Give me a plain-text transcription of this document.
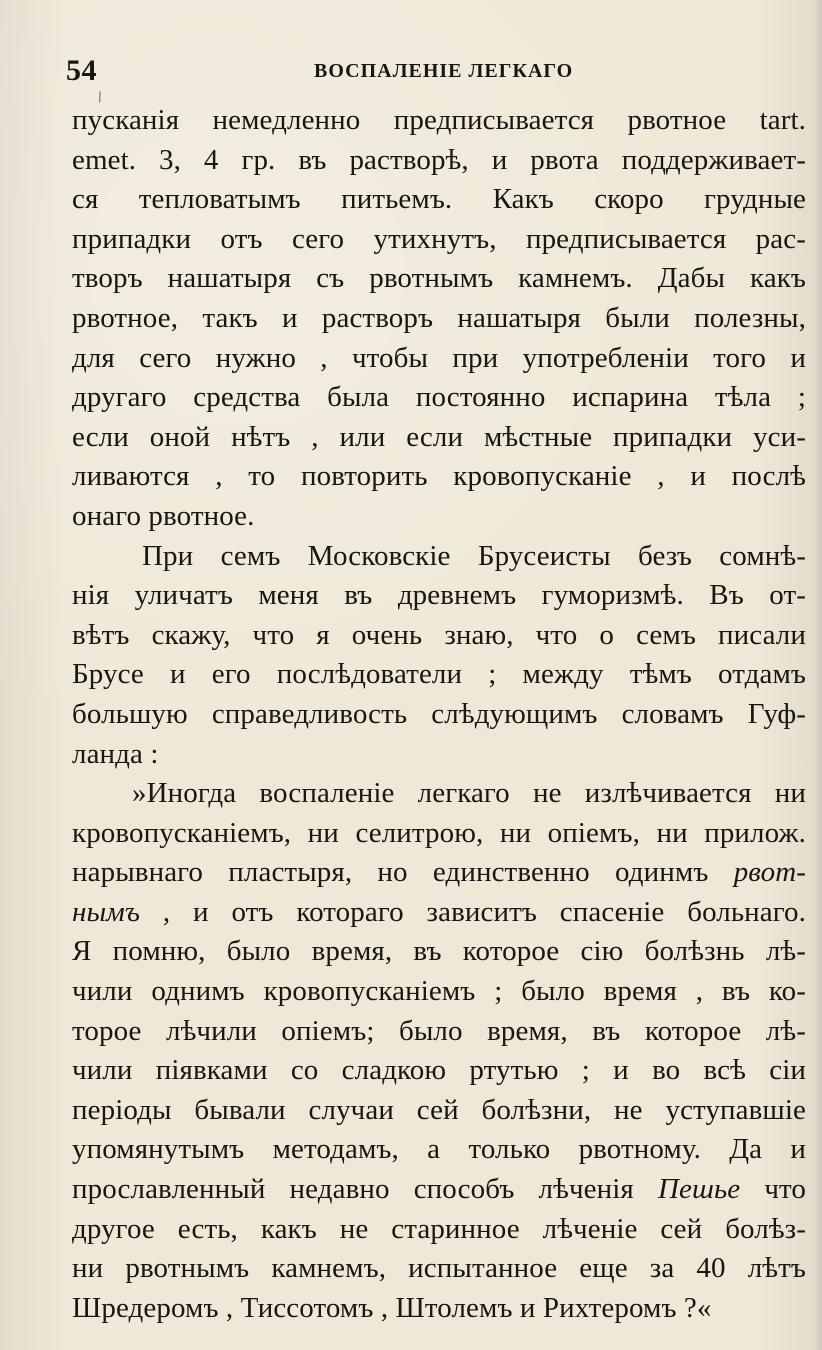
54	ВОСПАЛЕНІЕ ЛЕГКАГО
/
пусканія немедленно предписывается рвотное tart.
emet. 3, 4 гр. въ растворѣ, и рвота поддерживает-
ся тепловатымъ питьемъ. Какъ скоро грудные
припадки отъ сего утихнутъ, предписывается рас-
творъ нашатыря съ рвотнымъ камнемъ. Дабы какъ
рвотное, такъ и растворъ нашатыря были полезны,
для сего нужно , чтобы при употребленіи того и
другаго средства была постоянно испарина тѣла ;
если оной нѣтъ , или если мѣстные припадки уси-
ливаются , то повторить кровопусканіе , и послѣ
онаго рвотное.
При семъ Московскіе Брусеисты безъ сомнѣ-
нія уличатъ меня въ древнемъ гуморизмѣ. Въ от-
вѣтъ скажу, что я очень знаю, что о семъ писали
Брусе и его послѣдователи ; между тѣмъ отдамъ
большую справедливость слѣдующимъ словамъ Гуф-
ланда :
»Иногда воспаленіе легкаго не излѣчивается ни
кровопусканіемъ, ни селитрою, ни опіемъ, ни прилож.
нарывнаго пластыря, но единственно одинмъ рвот-
нымъ , и отъ котораго зависитъ спасеніе больнаго.
Я помню, было время, въ которое сію болѣзнь лѣ-
чили однимъ кровопусканіемъ ; было время , въ ко-
торое лѣчили опіемъ; было время, въ которое лѣ-
чили піявками со сладкою ртутью ; и во всѣ сіи
періоды бывали случаи сей болѣзни, не уступавшіе
упомянутымъ методамъ, а только рвотному. Да и
прославленный недавно способъ лѣченія Пешье что
другое есть, какъ не старинное лѣченіе сей болѣз-
ни рвотнымъ камнемъ, испытанное еще за 40 лѣтъ
Шредеромъ , Тиссотомъ , Штолемъ и Рихтеромъ ?«
